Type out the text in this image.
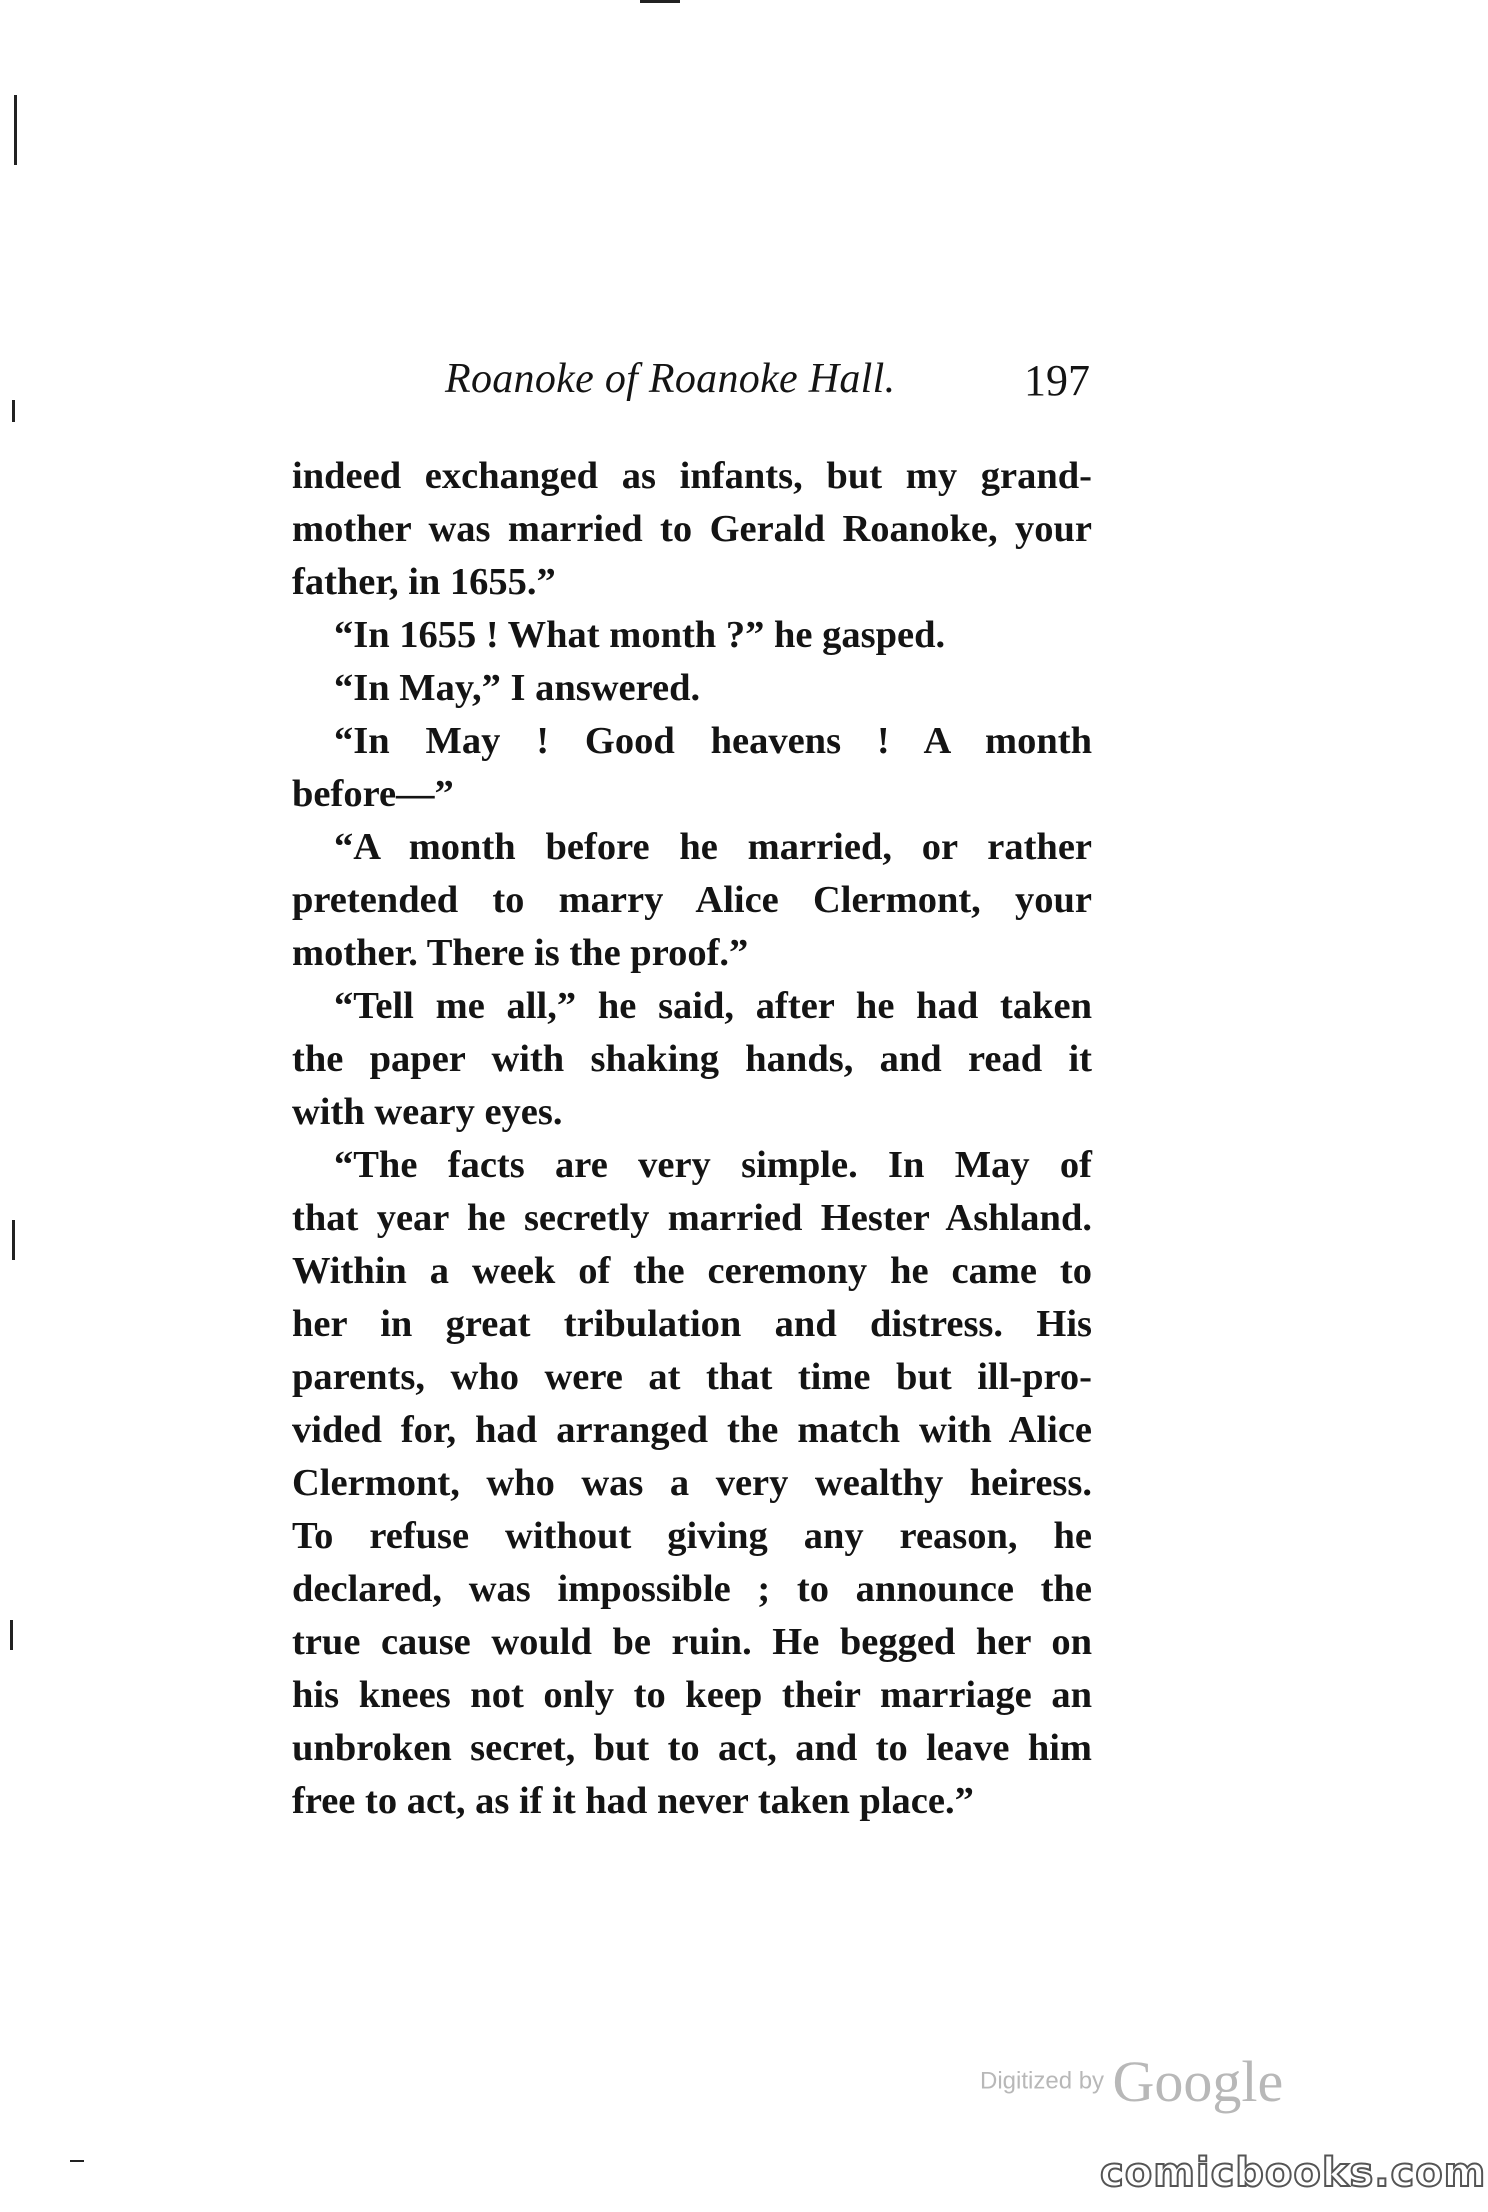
Roanoke of Roanoke Hall.	197
indeed exchanged as infants, but my grand-
mother was married to Gerald Roanoke, your
father, in 1655.”
“In 1655 ! What month ?” he gasped.
“In May,” I answered.
“In May ! Good heavens ! A month
before—”
“A month before he married, or rather
pretended to marry Alice Clermont, your
mother. There is the proof.”
“Tell me all,” he said, after he had taken
the paper with shaking hands, and read it
with weary eyes.
“The facts are very simple. In May of
that year he secretly married Hester Ashland.
Within a week of the ceremony he came to
her in great tribulation and distress. His
parents, who were at that time but ill-pro-
vided for, had arranged the match with Alice
Clermont, who was a very wealthy heiress.
To refuse without giving any reason, he
declared, was impossible ; to announce the
true cause would be ruin. He begged her on
his knees not only to keep their marriage an
unbroken secret, but to act, and to leave him
free to act, as if it had never taken place.”
Digitized by Google
comicbooks.com
